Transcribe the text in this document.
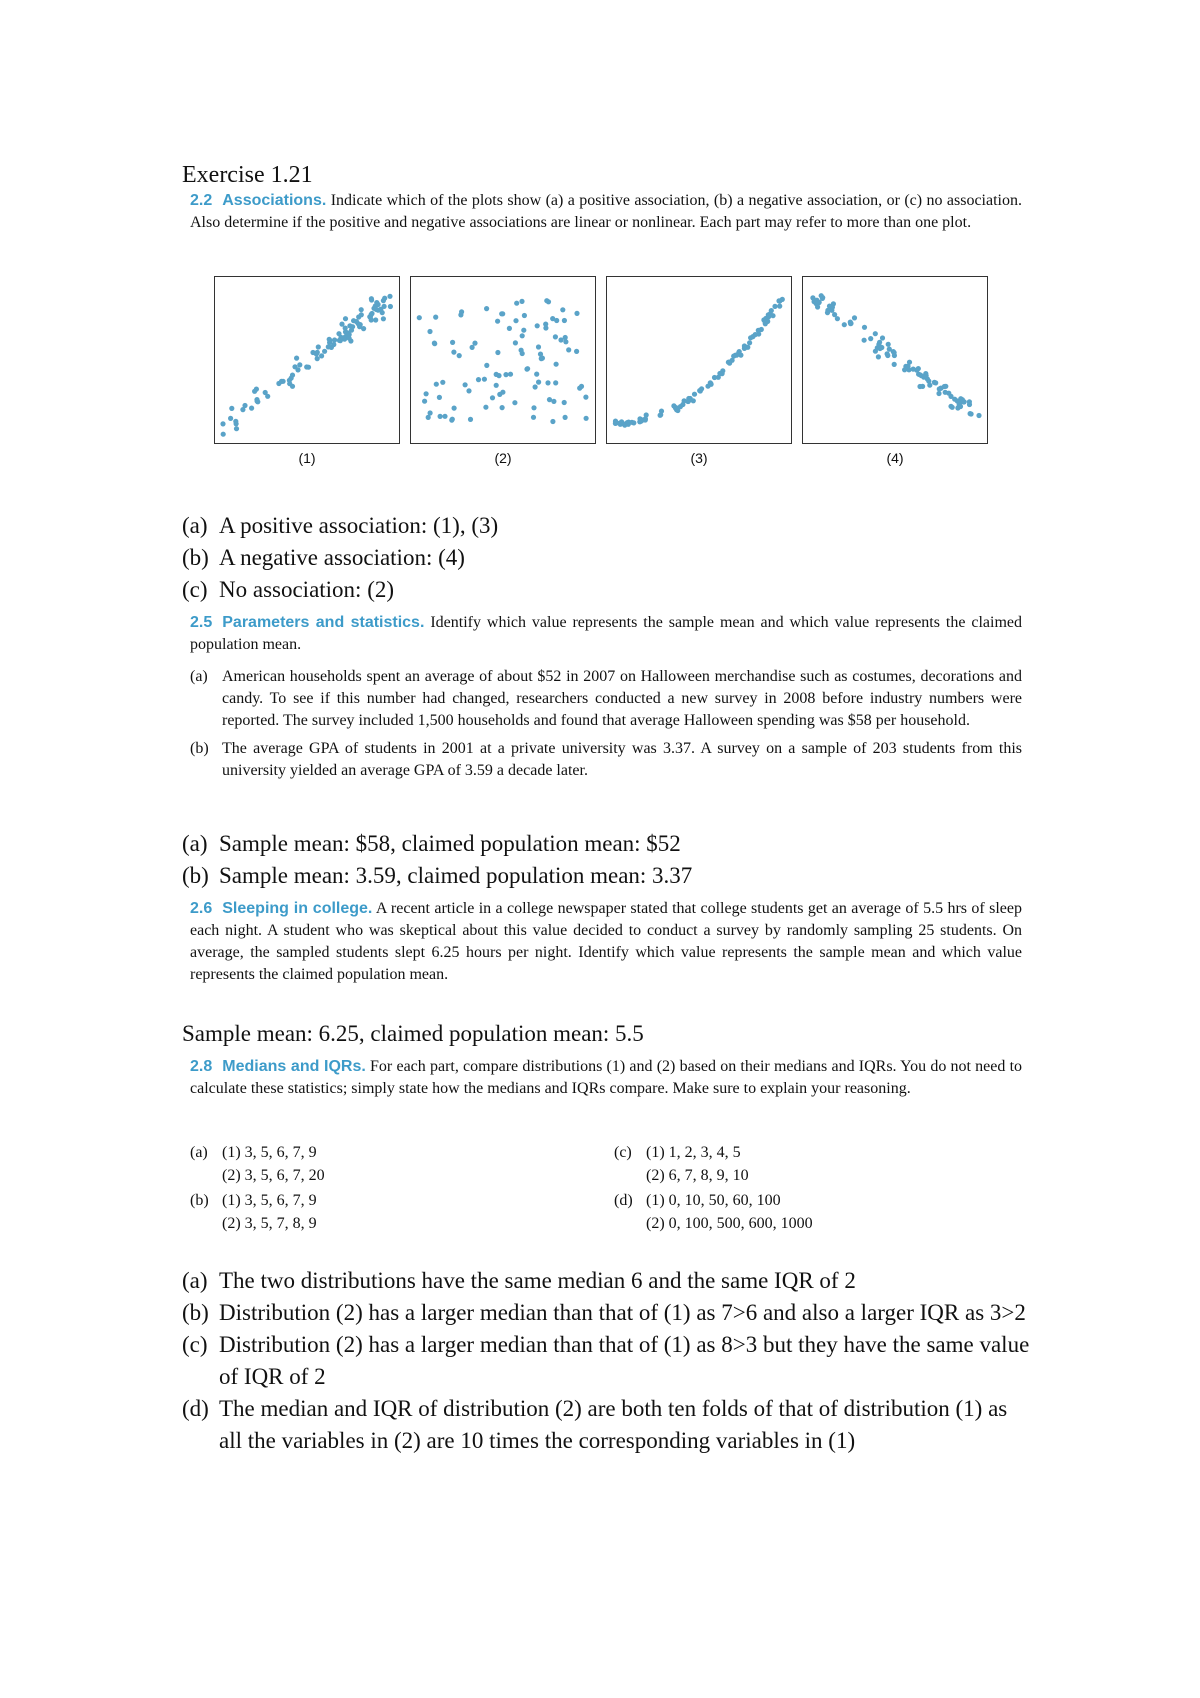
Exercise 1.21
2.2 Associations. Indicate which of the plots show (a) a positive association, (b) a negative association, or (c) no association. Also determine if the positive and negative associations are linear or nonlinear. Each part may refer to more than one plot.
(1)	(2)	(3)	(4)
(a) A positive association: (1), (3)
(b) A negative association: (4)
(c) No association: (2)
2.5 Parameters and statistics. Identify which value represents the sample mean and which value represents the claimed population mean.
(a) American households spent an average of about $52 in 2007 on Halloween merchandise such as costumes, decorations and candy. To see if this number had changed, researchers conducted a new survey in 2008 before industry numbers were reported. The survey included 1,500 households and found that average Halloween spending was $58 per household.
(b) The average GPA of students in 2001 at a private university was 3.37. A survey on a sample of 203 students from this university yielded an average GPA of 3.59 a decade later.
(a) Sample mean: $58, claimed population mean: $52
(b) Sample mean: 3.59, claimed population mean: 3.37
2.6 Sleeping in college. A recent article in a college newspaper stated that college students get an average of 5.5 hrs of sleep each night. A student who was skeptical about this value decided to conduct a survey by randomly sampling 25 students. On average, the sampled students slept 6.25 hours per night. Identify which value represents the sample mean and which value represents the claimed population mean.
Sample mean: 6.25, claimed population mean: 5.5
2.8 Medians and IQRs. For each part, compare distributions (1) and (2) based on their medians and IQRs. You do not need to calculate these statistics; simply state how the medians and IQRs compare. Make sure to explain your reasoning.
(a) (1) 3, 5, 6, 7, 9
(2) 3, 5, 6, 7, 20
(b) (1) 3, 5, 6, 7, 9
(2) 3, 5, 7, 8, 9
(c) (1) 1, 2, 3, 4, 5
(2) 6, 7, 8, 9, 10
(d) (1) 0, 10, 50, 60, 100
(2) 0, 100, 500, 600, 1000
(a) The two distributions have the same median 6 and the same IQR of 2
(b) Distribution (2) has a larger median than that of (1) as 7>6 and also a larger IQR as 3>2
(c) Distribution (2) has a larger median than that of (1) as 8>3 but they have the same value of IQR of 2
(d) The median and IQR of distribution (2) are both ten folds of that of distribution (1) as all the variables in (2) are 10 times the corresponding variables in (1)
